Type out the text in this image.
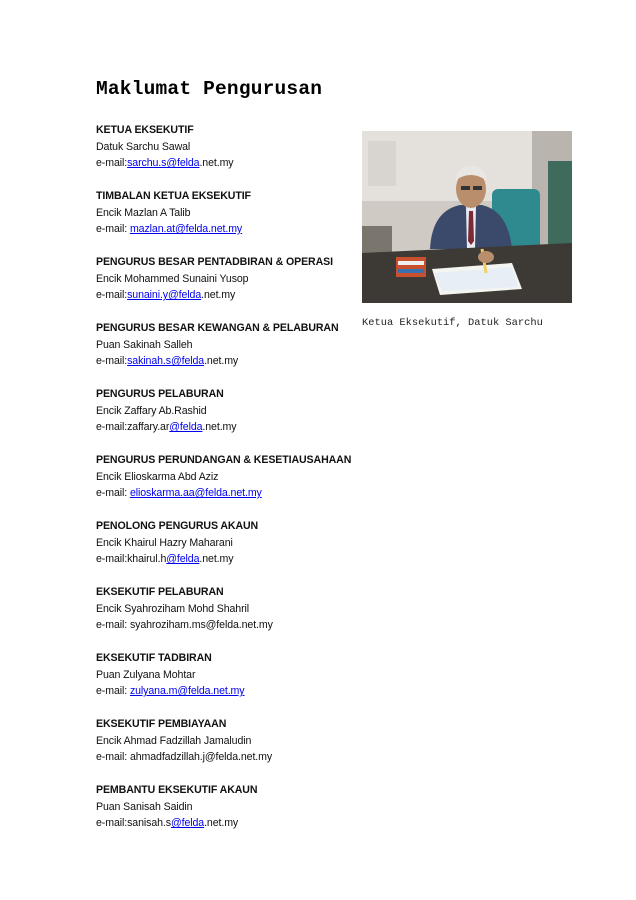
Maklumat Pengurusan
KETUA EKSEKUTIF
Datuk Sarchu Sawal
e-mail:sarchu.s@felda.net.my
TIMBALAN KETUA EKSEKUTIF
Encik Mazlan A Talib
e-mail: mazlan.at@felda.net.my
PENGURUS BESAR PENTADBIRAN & OPERASI
Encik Mohammed Sunaini Yusop
e-mail:sunaini.y@felda.net.my
PENGURUS BESAR KEWANGAN & PELABURAN
Puan Sakinah Salleh
e-mail:sakinah.s@felda.net.my
PENGURUS PELABURAN
Encik Zaffary Ab.Rashid
e-mail:zaffary.ar@felda.net.my
PENGURUS PERUNDANGAN & KESETIAUSAHAAN
Encik Elioskarma Abd Aziz
e-mail: elioskarma.aa@felda.net.my
PENOLONG PENGURUS AKAUN
Encik Khairul Hazry Maharani
e-mail:khairul.h@felda.net.my
EKSEKUTIF PELABURAN
Encik Syahroziham Mohd Shahril
e-mail: syahroziham.ms@felda.net.my
EKSEKUTIF TADBIRAN
Puan Zulyana Mohtar
e-mail: zulyana.m@felda.net.my
EKSEKUTIF PEMBIAYAAN
Encik Ahmad Fadzillah Jamaludin
e-mail: ahmadfadzillah.j@felda.net.my
PEMBANTU EKSEKUTIF AKAUN
Puan Sanisah Saidin
e-mail:sanisah.s@felda.net.my
Ketua Eksekutif, Datuk Sarchu
